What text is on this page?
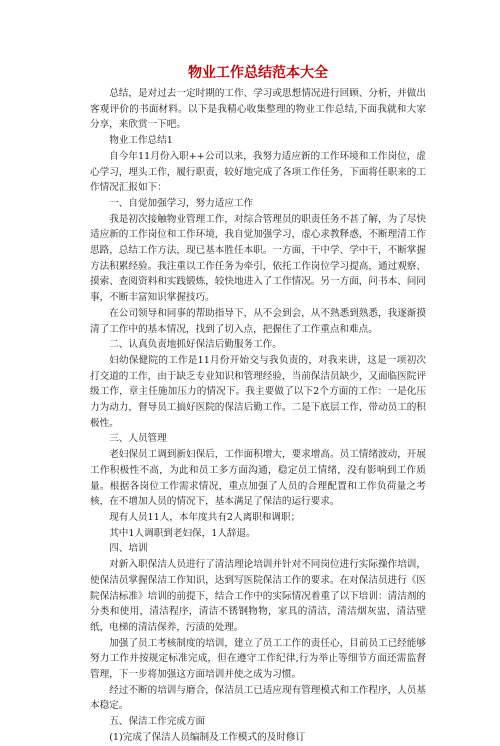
物业工作总结范本大全

总结，是对过去一定时期的工作、学习或思想情况进行回顾、分析，并做出客观评价的书面材料。以下是我精心收集整理的物业工作总结,下面我就和大家分享，来欣赏一下吧。

物业工作总结1

自今年11月份入职++公司以来，我努力适应新的工作环境和工作岗位，虚心学习，埋头工作，履行职责，较好地完成了各项工作任务，下面将任职来的工作情况汇报如下：

一、自觉加强学习，努力适应工作

我是初次接触物业管理工作，对综合管理员的职责任务不甚了解，为了尽快适应新的工作岗位和工作环境，我自觉加强学习，虚心求教释惑，不断理清工作思路，总结工作方法，现已基本胜任本职。一方面，干中学、学中干，不断掌握方法积累经验。我注重以工作任务为牵引，依托工作岗位学习提高，通过观察、摸索、查阅资料和实践锻炼，较快地进入了工作情况。另一方面，问书本、问同事，不断丰富知识掌握技巧。

在公司领导和同事的帮助指导下，从不会到会，从不熟悉到熟悉，我逐渐摸清了工作中的基本情况，找到了切入点，把握住了工作重点和难点。

二、认真负责地抓好保洁后勤服务工作。

妇幼保健院的工作是11月份开始交与我负责的，对我来讲，这是一项初次打交道的工作，由于缺乏专业知识和管理经验，当前保洁员缺少，又面临医院评级工作，章主任施加压力的情况下。我主要做了以下2个方面的工作：一是化压力为动力，督导员工搞好医院的保洁后勤工作。二是下底层工作，带动员工的积极性。

三、人员管理

老妇保员工调到新妇保后，工作面积增大，要求增高。员工情绪波动，开展工作积极性不高，为此和员工多方面沟通，稳定员工情绪，没有影响到工作质量。根据各岗位工作需求情况，重点加强了人员的合理配置和工作负荷量之考核，在不增加人员的情况下，基本满足了保洁的运行要求。

现有人员11人，本年度共有2人离职和调职；

其中1人调职到老妇保，1人辞退。

四、培训

对新入职保洁人员进行了清洁理论培训并针对不同岗位进行实际操作培训，使保洁员掌握保洁工作知识，达到写医院保洁工作的要求。在对保洁员进行《医院保洁标准》培训的前提下，结合工作中的实际情况着重了以下培训：清洁剂的分类和使用，清洁程序，清洁不锈钢物物，家具的清洁，清洁烟灰盅，清洁壁纸，电梯的清洁保养，污渍的处理。

加强了员工考核制度的培训，建立了员工工作的责任心，目前员工已经能够努力工作并按规定标准完成，但在遵守工作纪律,行为举止等细节方面还需监督管理，下一步将加强这方面培训并使之成为习惯。

经过不断的培训与磨合，保洁员工已适应现有管理模式和工作程序，人员基本稳定。

五、保洁工作完成方面

(1)完成了保洁人员编制及工作模式的及时修订
